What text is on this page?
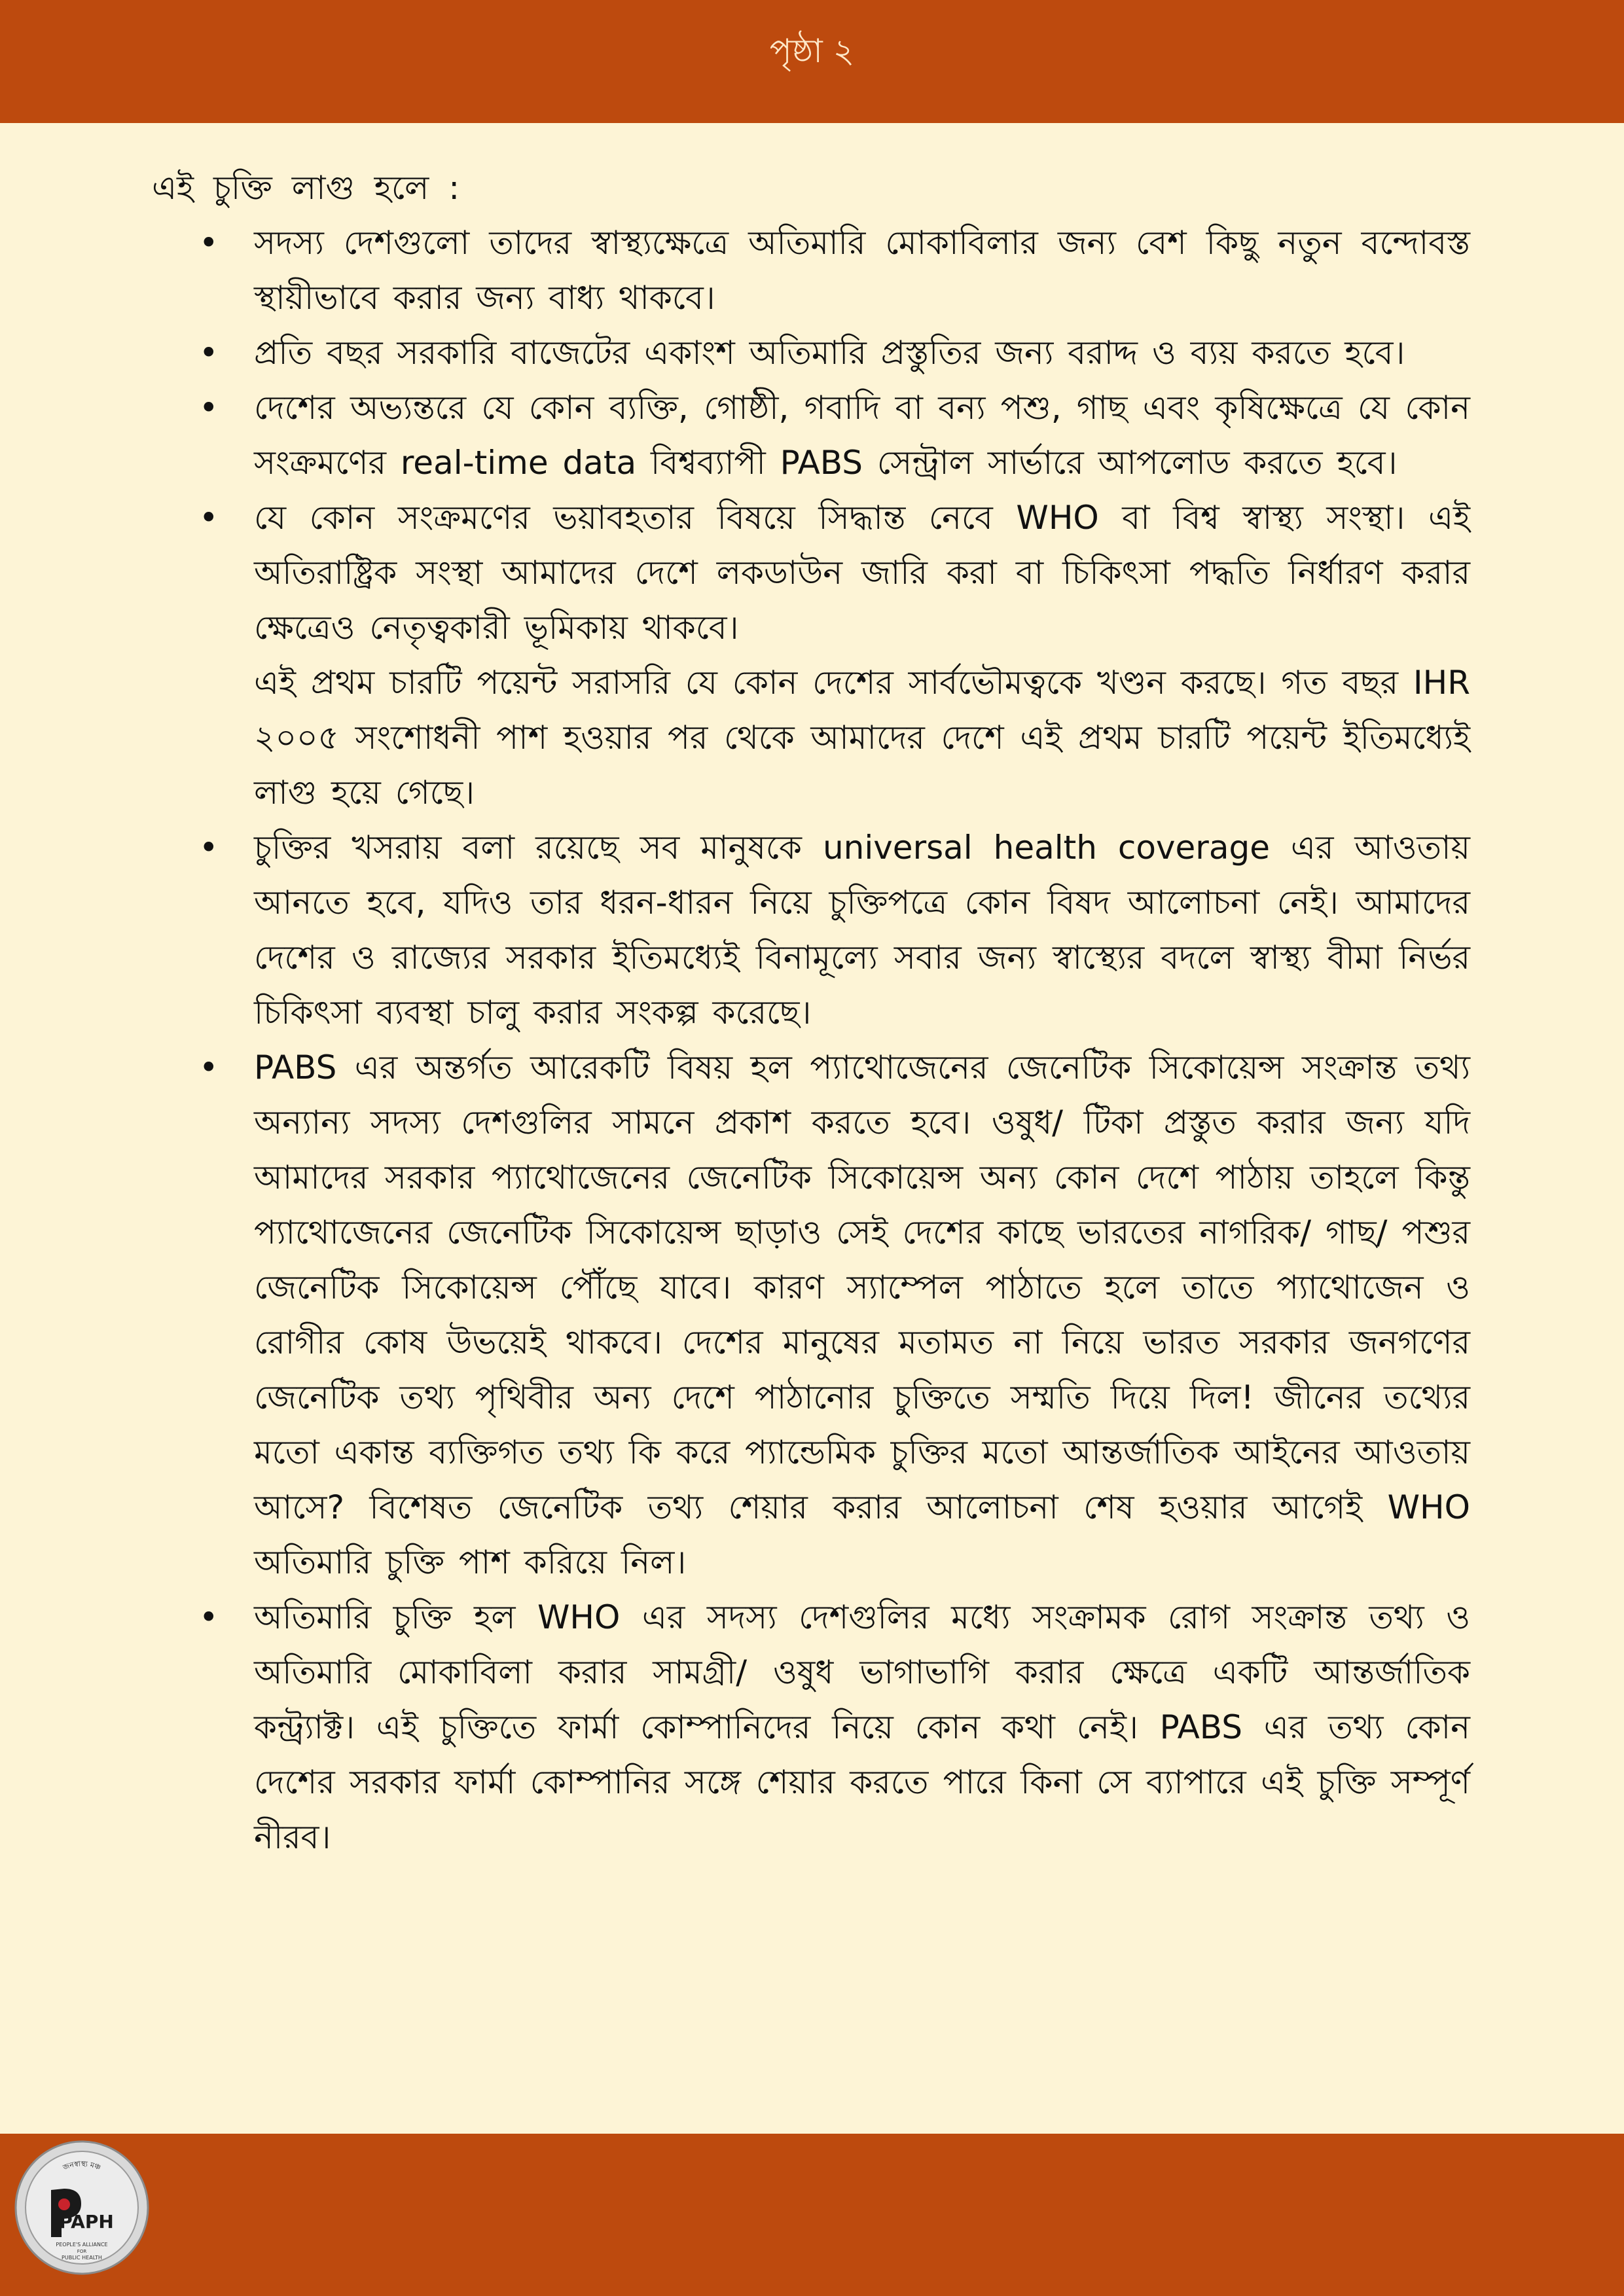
পৃষ্ঠা ২
এই চুক্তি লাগু হলে :
• সদস্য দেশগুলো তাদের স্বাস্থ্যক্ষেত্রে অতিমারি মোকাবিলার জন্য বেশ কিছু নতুন বন্দোবস্ত স্থায়ীভাবে করার জন্য বাধ্য থাকবে।

• প্রতি বছর সরকারি বাজেটের একাংশ অতিমারি প্রস্তুতির জন্য বরাদ্দ ও ব্যয় করতে হবে।

• দেশের অভ্যন্তরে যে কোন ব্যক্তি, গোষ্ঠী, গবাদি বা বন্য পশু, গাছ এবং কৃষিক্ষেত্রে যে কোন সংক্রমণের real-time data বিশ্বব্যাপী PABS সেন্ট্রাল সার্ভারে আপলোড করতে হবে।

• যে কোন সংক্রমণের ভয়াবহতার বিষয়ে সিদ্ধান্ত নেবে WHO বা বিশ্ব স্বাস্থ্য সংস্থা। এই অতিরাষ্ট্রিক সংস্থা আমাদের দেশে লকডাউন জারি করা বা চিকিৎসা পদ্ধতি নির্ধারণ করার ক্ষেত্রেও নেতৃত্বকারী ভূমিকায় থাকবে।

এই প্রথম চারটি পয়েন্ট সরাসরি যে কোন দেশের সার্বভৌমত্বকে খণ্ডন করছে। গত বছর IHR ২০০৫ সংশোধনী পাশ হওয়ার পর থেকে আমাদের দেশে এই প্রথম চারটি পয়েন্ট ইতিমধ্যেই লাগু হয়ে গেছে।

• চুক্তির খসরায় বলা রয়েছে সব মানুষকে universal health coverage এর আওতায় আনতে হবে, যদিও তার ধরন-ধারন নিয়ে চুক্তিপত্রে কোন বিষদ আলোচনা নেই। আমাদের দেশের ও রাজ্যের সরকার ইতিমধ্যেই বিনামূল্যে সবার জন্য স্বাস্থ্যের বদলে স্বাস্থ্য বীমা নির্ভর চিকিৎসা ব্যবস্থা চালু করার সংকল্প করেছে।

• PABS এর অন্তর্গত আরেকটি বিষয় হল প্যাথোজেনের জেনেটিক সিকোয়েন্স সংক্রান্ত তথ্য অন্যান্য সদস্য দেশগুলির সামনে প্রকাশ করতে হবে। ওষুধ/ টিকা প্রস্তুত করার জন্য যদি আমাদের সরকার প্যাথোজেনের জেনেটিক সিকোয়েন্স অন্য কোন দেশে পাঠায় তাহলে কিন্তু প্যাথোজেনের জেনেটিক সিকোয়েন্স ছাড়াও সেই দেশের কাছে ভারতের নাগরিক/ গাছ/ পশুর জেনেটিক সিকোয়েন্স পৌঁছে যাবে। কারণ স্যাম্পেল পাঠাতে হলে তাতে প্যাথোজেন ও রোগীর কোষ উভয়েই থাকবে। দেশের মানুষের মতামত না নিয়ে ভারত সরকার জনগণের জেনেটিক তথ্য পৃথিবীর অন্য দেশে পাঠানোর চুক্তিতে সম্মতি দিয়ে দিল! জীনের তথ্যের মতো একান্ত ব্যক্তিগত তথ্য কি করে প্যান্ডেমিক চুক্তির মতো আন্তর্জাতিক আইনের আওতায় আসে? বিশেষত জেনেটিক তথ্য শেয়ার করার আলোচনা শেষ হওয়ার আগেই WHO অতিমারি চুক্তি পাশ করিয়ে নিল।

• অতিমারি চুক্তি হল WHO এর সদস্য দেশগুলির মধ্যে সংক্রামক রোগ সংক্রান্ত তথ্য ও অতিমারি মোকাবিলা করার সামগ্রী/ ওষুধ ভাগাভাগি করার ক্ষেত্রে একটি আন্তর্জাতিক কন্ট্র্যাক্ট। এই চুক্তিতে ফার্মা কোম্পানিদের নিয়ে কোন কথা নেই। PABS এর তথ্য কোন দেশের সরকার ফার্মা কোম্পানির সঙ্গে শেয়ার করতে পারে কিনা সে ব্যাপারে এই চুক্তি সম্পূর্ণ নীরব।

জনস্বাস্থ্য মঞ্চ
PAPH
PEOPLE'S ALLIANCE
FOR
PUBLIC HEALTH
